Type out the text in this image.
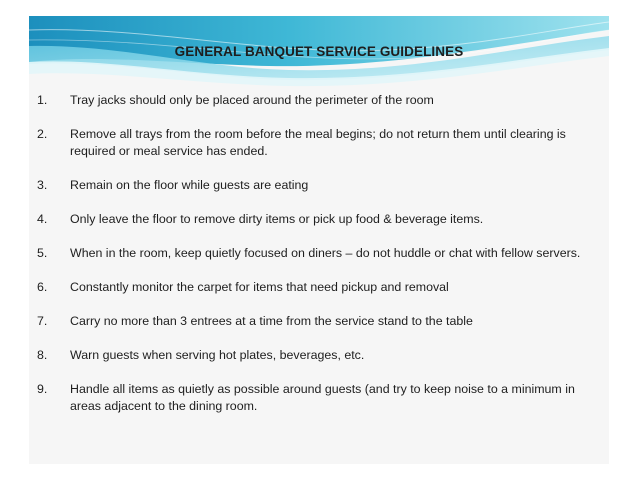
GENERAL BANQUET SERVICE GUIDELINES
1. Tray jacks should only be placed around the perimeter of the room
2. Remove all trays from the room before the meal begins; do not return them until clearing is required or meal service has ended.
3. Remain on the floor while guests are eating
4. Only leave the floor to remove dirty items or pick up food & beverage items.
5. When in the room, keep quietly focused on diners – do not huddle or chat with fellow servers.
6. Constantly monitor the carpet for items that need pickup and removal
7. Carry no more than 3 entrees at a time from the service stand to the table
8. Warn guests when serving hot plates, beverages, etc.
9. Handle all items as quietly as possible around guests (and try to keep noise to a minimum in areas adjacent to the dining room.
